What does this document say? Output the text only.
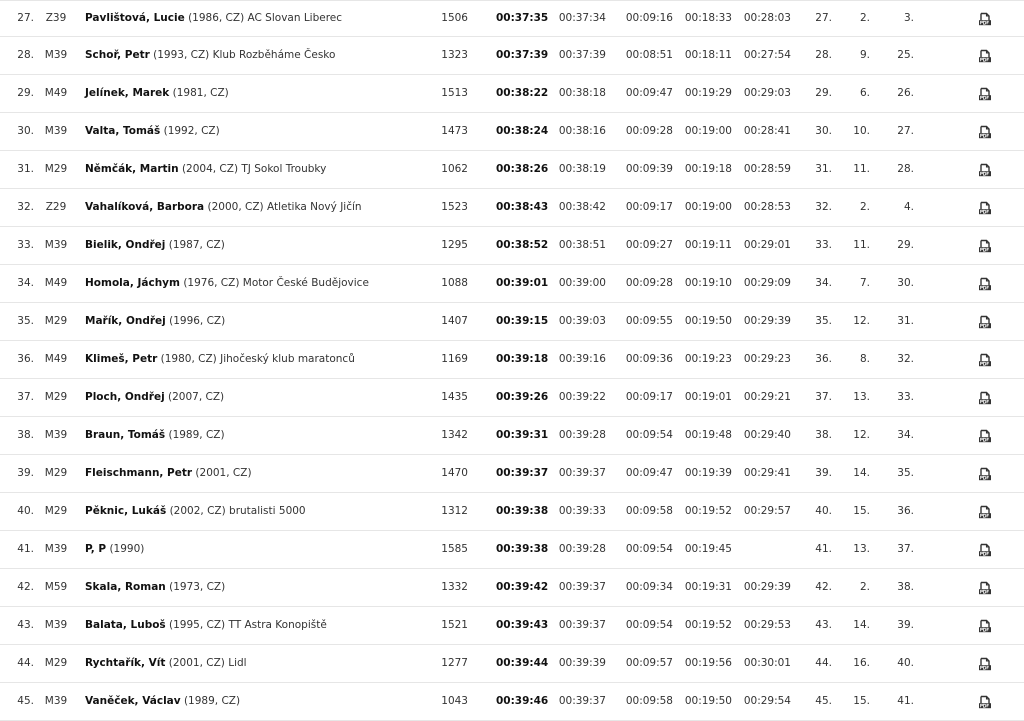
27. Z39 Pavlištová, Lucie (1986, CZ) AC Slovan Liberec	1506	00:37:35 00:37:34 00:09:16 00:18:33 00:28:03	27.	2.	3.
28. M39 Schoř, Petr (1993, CZ) Klub Rozběháme Česko	1323	00:37:39 00:37:39 00:08:51 00:18:11 00:27:54	28.	9.	25.
29. M49 Jelínek, Marek (1981, CZ)	1513	00:38:22 00:38:18 00:09:47 00:19:29 00:29:03	29.	6.	26.
30. M39 Valta, Tomáš (1992, CZ)	1473	00:38:24 00:38:16 00:09:28 00:19:00 00:28:41	30.	10.	27.
31. M29 Němčák, Martin (2004, CZ) TJ Sokol Troubky	1062	00:38:26 00:38:19 00:09:39 00:19:18 00:28:59	31.	11.	28.
32. Z29 Vahalíková, Barbora (2000, CZ) Atletika Nový Jičín	1523	00:38:43 00:38:42 00:09:17 00:19:00 00:28:53	32.	2.	4.
33. M39 Bielik, Ondřej (1987, CZ)	1295	00:38:52 00:38:51 00:09:27 00:19:11 00:29:01	33.	11.	29.
34. M49 Homola, Jáchym (1976, CZ) Motor České Budějovice	1088	00:39:01 00:39:00 00:09:28 00:19:10 00:29:09	34.	7.	30.
35. M29 Mařík, Ondřej (1996, CZ)	1407	00:39:15 00:39:03 00:09:55 00:19:50 00:29:39	35.	12.	31.
36. M49 Klimeš, Petr (1980, CZ) Jihočeský klub maratonců	1169	00:39:18 00:39:16 00:09:36 00:19:23 00:29:23	36.	8.	32.
37. M29 Ploch, Ondřej (2007, CZ)	1435	00:39:26 00:39:22 00:09:17 00:19:01 00:29:21	37.	13.	33.
38. M39 Braun, Tomáš (1989, CZ)	1342	00:39:31 00:39:28 00:09:54 00:19:48 00:29:40	38.	12.	34.
39. M29 Fleischmann, Petr (2001, CZ)	1470	00:39:37 00:39:37 00:09:47 00:19:39 00:29:41	39.	14.	35.
40. M29 Pěknic, Lukáš (2002, CZ) brutalisti 5000	1312	00:39:38 00:39:33 00:09:58 00:19:52 00:29:57	40.	15.	36.
41. M39 P, P (1990)	1585	00:39:38 00:39:28 00:09:54 00:19:45	41.	13.	37.
42. M59 Skala, Roman (1973, CZ)	1332	00:39:42 00:39:37 00:09:34 00:19:31 00:29:39	42.	2.	38.
43. M39 Balata, Luboš (1995, CZ) TT Astra Konopiště	1521	00:39:43 00:39:37 00:09:54 00:19:52 00:29:53	43.	14.	39.
44. M29 Rychtařík, Vít (2001, CZ) Lidl	1277	00:39:44 00:39:39 00:09:57 00:19:56 00:30:01	44.	16.	40.
45. M39 Vaněček, Václav (1989, CZ)	1043	00:39:46 00:39:37 00:09:58 00:19:50 00:29:54	45.	15.	41.
